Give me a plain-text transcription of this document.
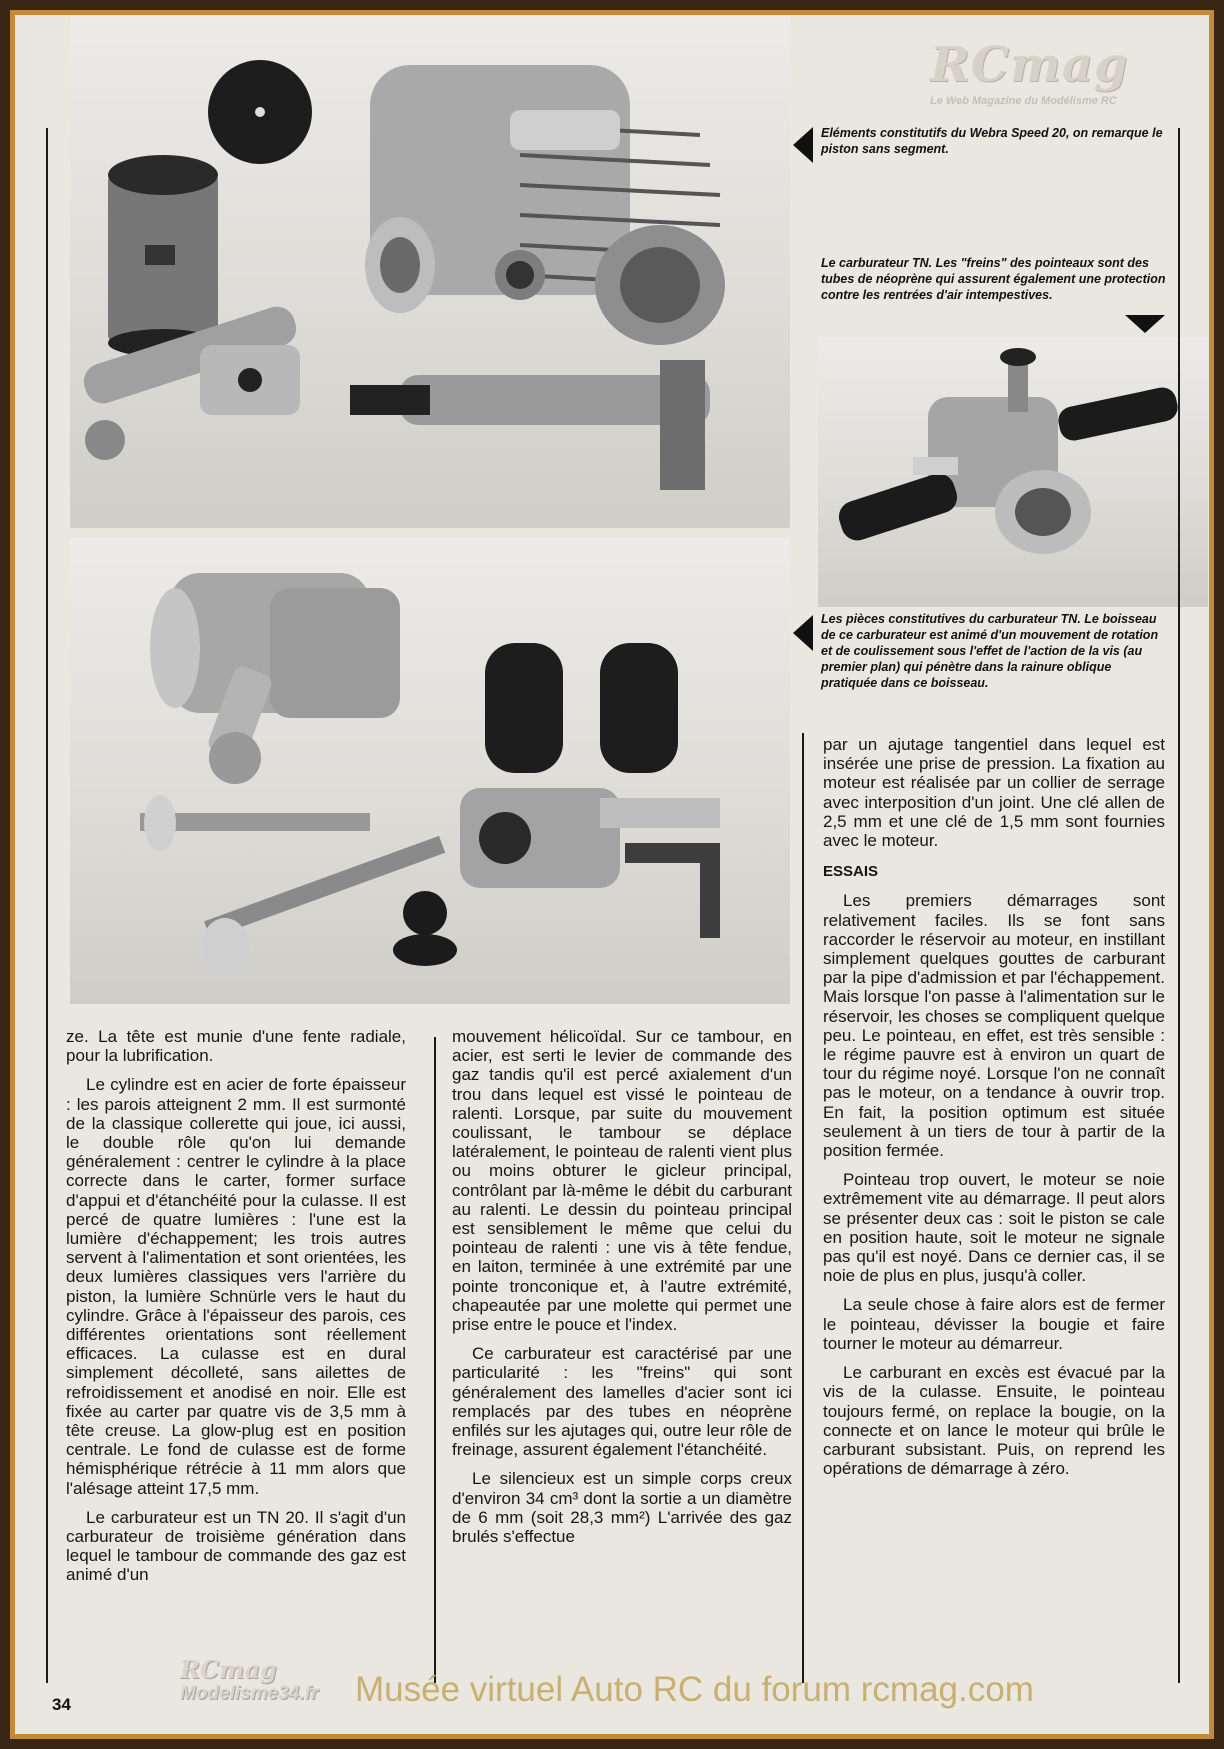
RCmag
Le Web Magazine du Modélisme RC
Eléments constitutifs du Webra Speed 20, on remarque le piston sans segment.
Le carburateur TN. Les "freins" des pointeaux sont des tubes de néoprène qui assurent également une protection contre les rentrées d'air intempestives.
Les pièces constitutives du carburateur TN. Le boisseau de ce carburateur est animé d'un mouvement de rotation et de coulissement sous l'effet de l'action de la vis (au premier plan) qui pénètre dans la rainure oblique pratiquée dans ce boisseau.

par un ajutage tangentiel dans lequel est insérée une prise de pression. La fixation au moteur est réalisée par un collier de serrage avec interposition d'un joint. Une clé allen de 2,5 mm et une clé de 1,5 mm sont fournies avec le moteur.

ESSAIS

Les premiers démarrages sont relativement faciles. Ils se font sans raccorder le réservoir au moteur, en instillant simplement quelques gouttes de carburant par la pipe d'admission et par l'échappement. Mais lorsque l'on passe à l'alimentation sur le réservoir, les choses se compliquent quelque peu. Le pointeau, en effet, est très sensible : le régime pauvre est à environ un quart de tour du régime noyé. Lorsque l'on ne connaît pas le moteur, on a tendance à ouvrir trop. En fait, la position optimum est située seulement à un tiers de tour à partir de la position fermée.

Pointeau trop ouvert, le moteur se noie extrêmement vite au démarrage. Il peut alors se présenter deux cas : soit le piston se cale en position haute, soit le moteur ne signale pas qu'il est noyé. Dans ce dernier cas, il se noie de plus en plus, jusqu'à coller.

La seule chose à faire alors est de fermer le pointeau, dévisser la bougie et faire tourner le moteur au démarreur.

Le carburant en excès est évacué par la vis de la culasse. Ensuite, le pointeau toujours fermé, on replace la bougie, on la connecte et on lance le moteur qui brûle le carburant subsistant. Puis, on reprend les opérations de démarrage à zéro.

ze. La tête est munie d'une fente radiale, pour la lubrification.

Le cylindre est en acier de forte épaisseur : les parois atteignent 2 mm. Il est surmonté de la classique collerette qui joue, ici aussi, le double rôle qu'on lui demande généralement : centrer le cylindre à la place correcte dans le carter, former surface d'appui et d'étanchéité pour la culasse. Il est percé de quatre lumières : l'une est la lumière d'échappement; les trois autres servent à l'alimentation et sont orientées, les deux lumières classiques vers l'arrière du piston, la lumière Schnürle vers le haut du cylindre. Grâce à l'épaisseur des parois, ces différentes orientations sont réellement efficaces. La culasse est en dural simplement décolleté, sans ailettes de refroidissement et anodisé en noir. Elle est fixée au carter par quatre vis de 3,5 mm à tête creuse. La glow-plug est en position centrale. Le fond de culasse est de forme hémisphérique rétrécie à 11 mm alors que l'alésage atteint 17,5 mm.

Le carburateur est un TN 20. Il s'agit d'un carburateur de troisième génération dans lequel le tambour de commande des gaz est animé d'un

mouvement hélicoïdal. Sur ce tambour, en acier, est serti le levier de commande des gaz tandis qu'il est percé axialement d'un trou dans lequel est vissé le pointeau de ralenti. Lorsque, par suite du mouvement coulissant, le tambour se déplace latéralement, le pointeau de ralenti vient plus ou moins obturer le gicleur principal, contrôlant par là-même le débit du carburant au ralenti. Le dessin du pointeau principal est sensiblement le même que celui du pointeau de ralenti : une vis à tête fendue, en laiton, terminée à une extrémité par une pointe tronconique et, à l'autre extrémité, chapeautée par une molette qui permet une prise entre le pouce et l'index.

Ce carburateur est caractérisé par une particularité : les "freins" qui sont généralement des lamelles d'acier sont ici remplacés par des tubes en néoprène enfilés sur les ajutages qui, outre leur rôle de freinage, assurent également l'étanchéité.

Le silencieux est un simple corps creux d'environ 34 cm³ dont la sortie a un diamètre de 6 mm (soit 28,3 mm²) L'arrivée des gaz brulés s'effectue

34
RCmag
Modelisme34.fr Musée virtuel Auto RC du forum rcmag.com
